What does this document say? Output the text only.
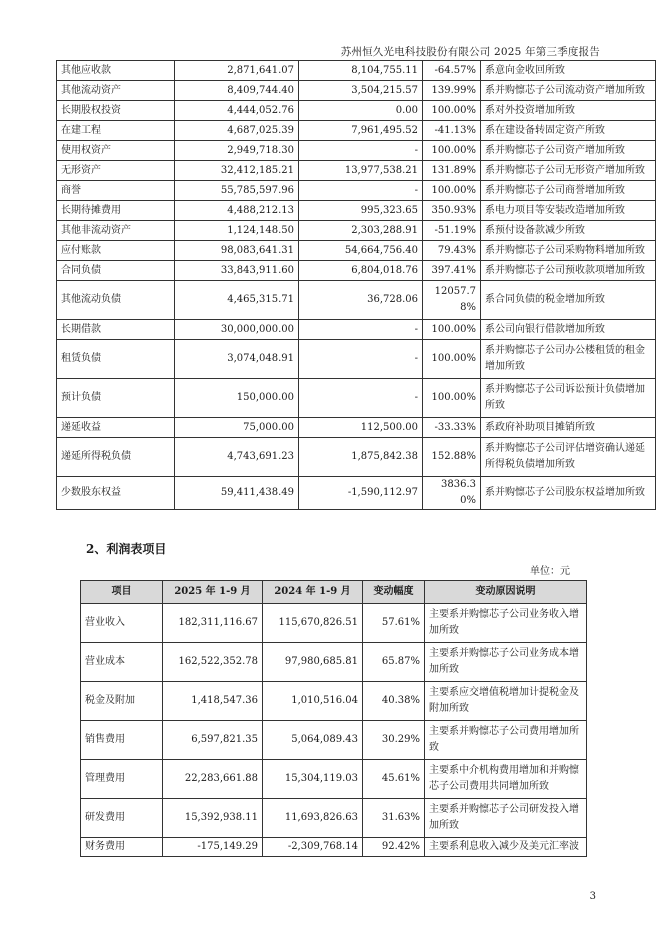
苏州恒久光电科技股份有限公司 2025 年第三季度报告
其他应收款	2,871,641.07	8,104,755.11	-64.57%	系意向金收回所致
其他流动资产	8,409,744.40	3,504,215.57	139.99%	系并购懔芯子公司流动资产增加所致
长期股权投资	4,444,052.76	0.00	100.00%	系对外投资增加所致
在建工程	4,687,025.39	7,961,495.52	-41.13%	系在建设备转固定资产所致
使用权资产	2,949,718.30	-	100.00%	系并购懔芯子公司资产增加所致
无形资产	32,412,185.21	13,977,538.21	131.89%	系并购懔芯子公司无形资产增加所致
商誉	55,785,597.96	-	100.00%	系并购懔芯子公司商誉增加所致
长期待摊费用	4,488,212.13	995,323.65	350.93%	系电力项目等安装改造增加所致
其他非流动资产	1,124,148.50	2,303,288.91	-51.19%	系预付设备款减少所致
应付账款	98,083,641.31	54,664,756.40	79.43%	系并购懔芯子公司采购物料增加所致
合同负债	33,843,911.60	6,804,018.76	397.41%	系并购懔芯子公司预收款项增加所致
其他流动负债	4,465,315.71	36,728.06	12057.78%	系合同负债的税金增加所致
长期借款	30,000,000.00	-	100.00%	系公司向银行借款增加所致
租赁负债	3,074,048.91	-	100.00%	系并购懔芯子公司办公楼租赁的租金增加所致
预计负债	150,000.00	-	100.00%	系并购懔芯子公司诉讼预计负债增加所致
递延收益	75,000.00	112,500.00	-33.33%	系政府补助项目摊销所致
递延所得税负债	4,743,691.23	1,875,842.38	152.88%	系并购懔芯子公司评估增资确认递延所得税负债增加所致
少数股东权益	59,411,438.49	-1,590,112.97	3836.30%	系并购懔芯子公司股东权益增加所致
2、利润表项目
单位：元
项目	2025 年 1-9 月	2024 年 1-9 月	变动幅度	变动原因说明
营业收入	182,311,116.67	115,670,826.51	57.61%	主要系并购懔芯子公司业务收入增加所致
营业成本	162,522,352.78	97,980,685.81	65.87%	主要系并购懔芯子公司业务成本增加所致
税金及附加	1,418,547.36	1,010,516.04	40.38%	主要系应交增值税增加计提税金及附加所致
销售费用	6,597,821.35	5,064,089.43	30.29%	主要系并购懔芯子公司费用增加所致
管理费用	22,283,661.88	15,304,119.03	45.61%	主要系中介机构费用增加和并购懔芯子公司费用共同增加所致
研发费用	15,392,938.11	11,693,826.63	31.63%	主要系并购懔芯子公司研发投入增加所致
财务费用	-175,149.29	-2,309,768.14	92.42%	主要系利息收入减少及美元汇率波
3
